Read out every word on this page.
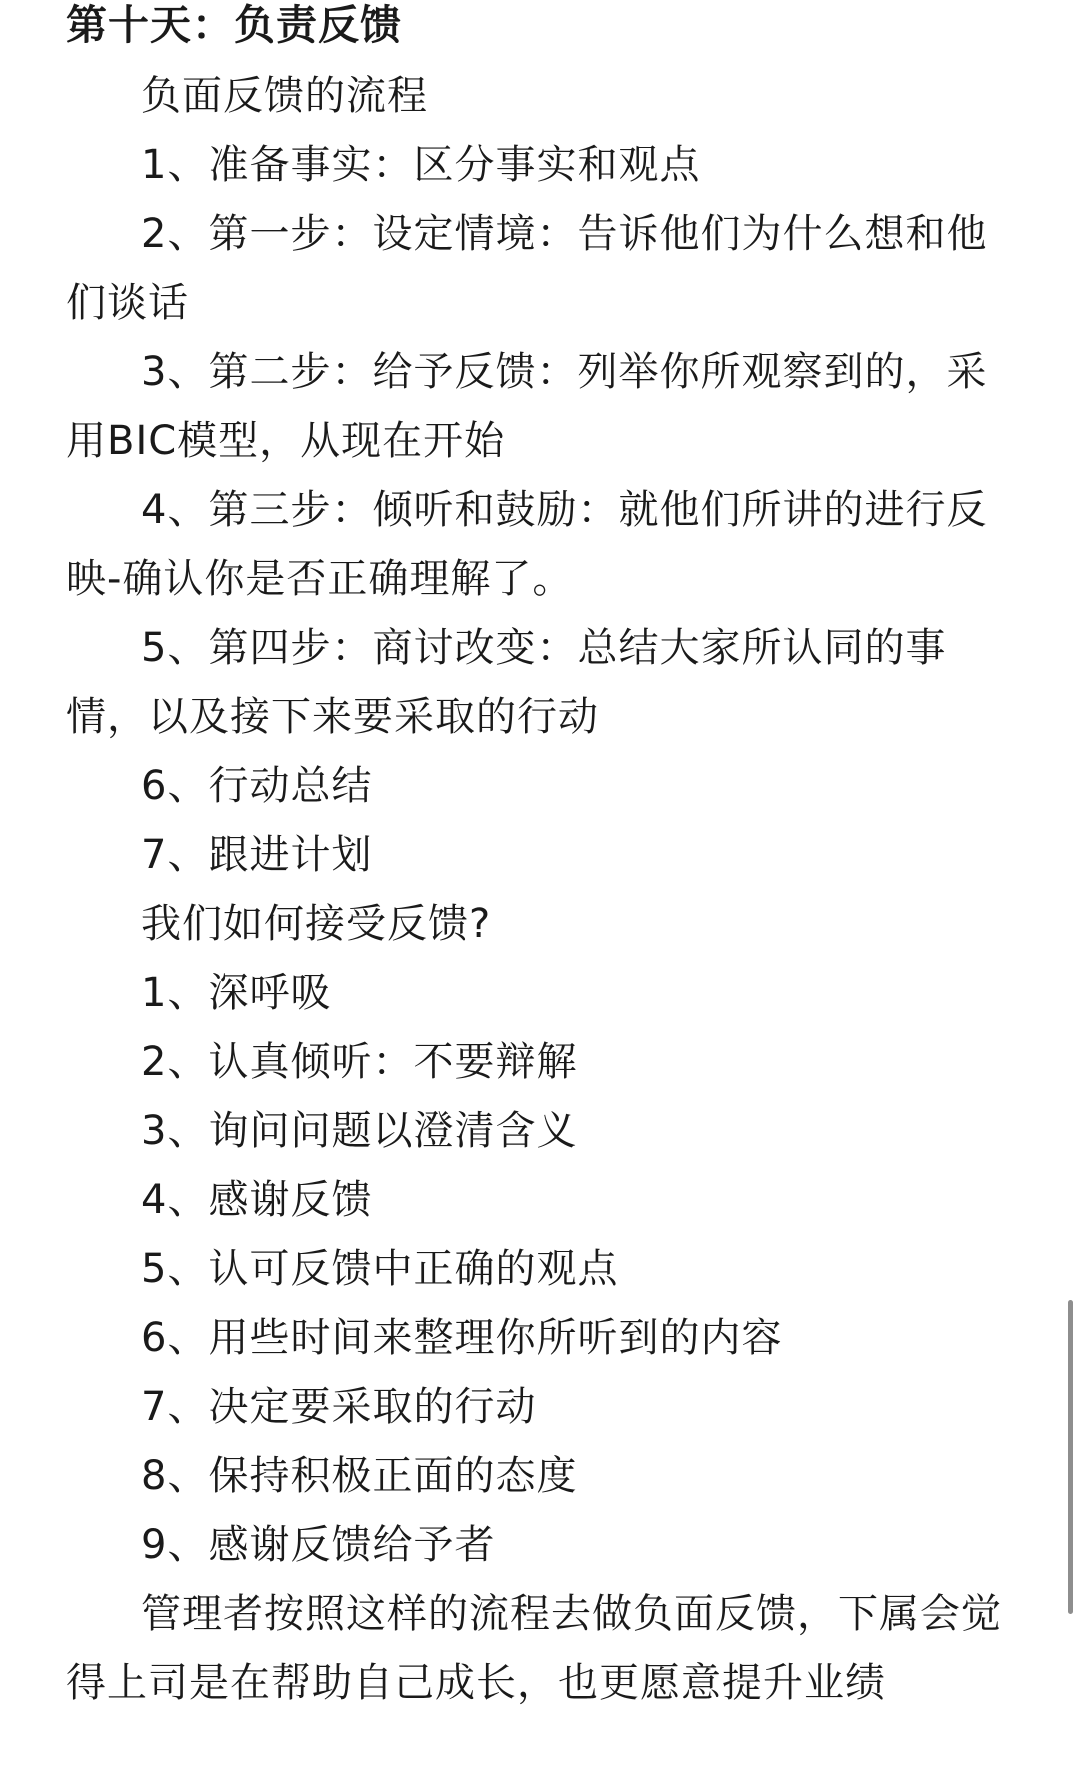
第十天：负责反馈

负面反馈的流程

1、准备事实：区分事实和观点

2、第一步：设定情境：告诉他们为什么想和他们谈话

3、第二步：给予反馈：列举你所观察到的，采用BIC模型，从现在开始

4、第三步：倾听和鼓励：就他们所讲的进行反映-确认你是否正确理解了。

5、第四步：商讨改变：总结大家所认同的事情，以及接下来要采取的行动

6、行动总结

7、跟进计划

我们如何接受反馈?

1、深呼吸

2、认真倾听：不要辩解

3、询问问题以澄清含义

4、感谢反馈

5、认可反馈中正确的观点

6、用些时间来整理你所听到的内容

7、决定要采取的行动

8、保持积极正面的态度

9、感谢反馈给予者

管理者按照这样的流程去做负面反馈，下属会觉得上司是在帮助自己成长，也更愿意提升业绩
